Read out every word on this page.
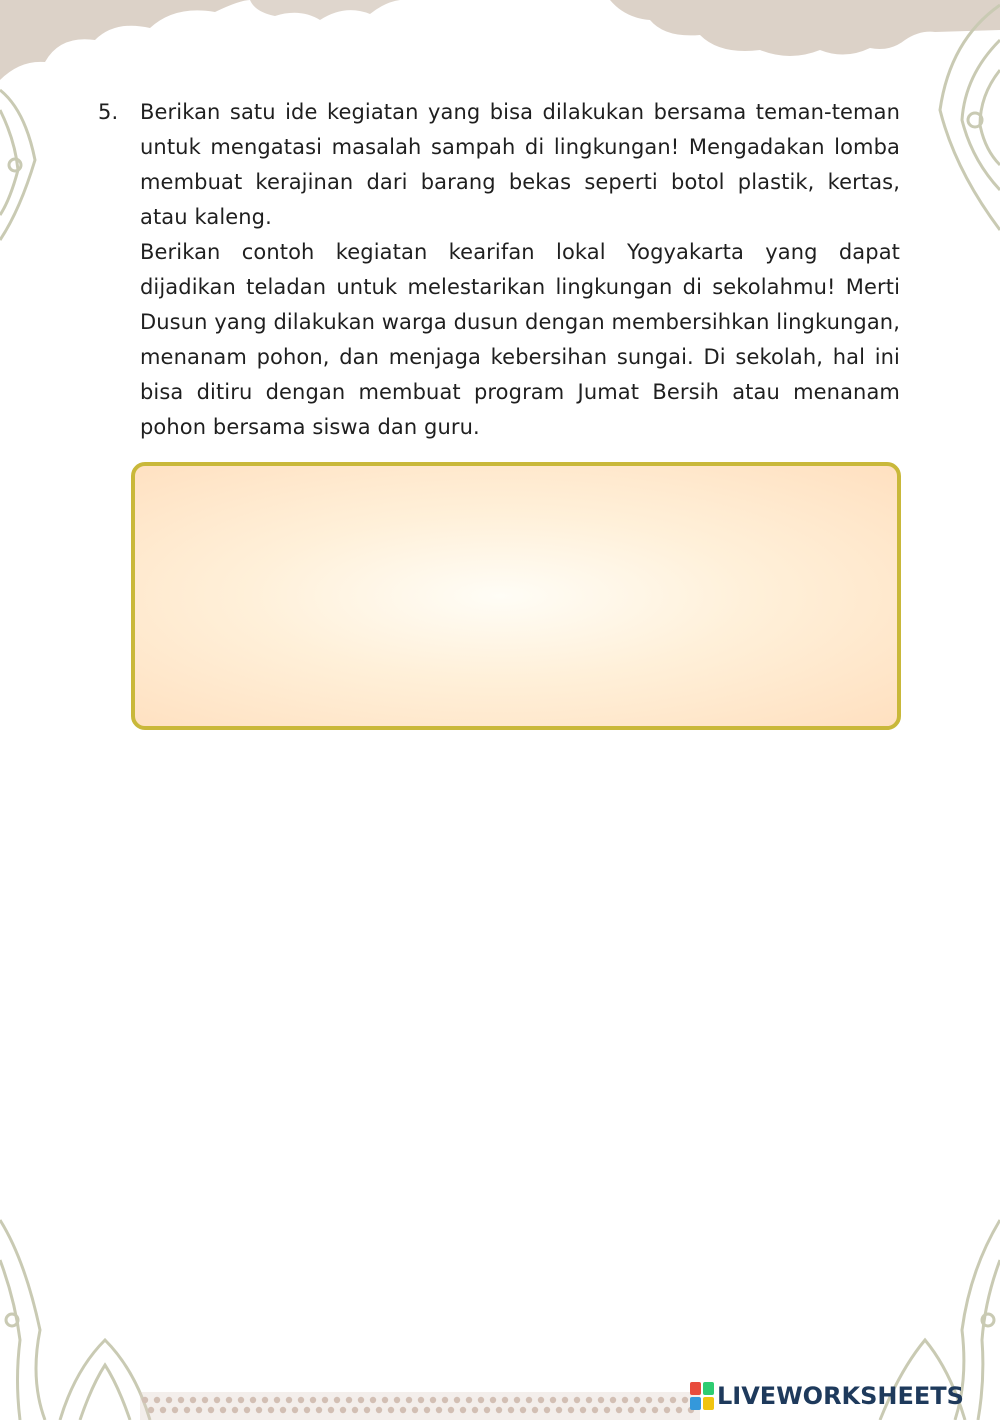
5. Berikan satu ide kegiatan yang bisa dilakukan bersama teman-teman untuk mengatasi masalah sampah di lingkungan! Mengadakan lomba membuat kerajinan dari barang bekas seperti botol plastik, kertas, atau kaleng.

Berikan contoh kegiatan kearifan lokal Yogyakarta yang dapat dijadikan teladan untuk melestarikan lingkungan di sekolahmu! Merti Dusun yang dilakukan warga dusun dengan membersihkan lingkungan, menanam pohon, dan menjaga kebersihan sungai. Di sekolah, hal ini bisa ditiru dengan membuat program Jumat Bersih atau menanam pohon bersama siswa dan guru.

LIVEWORKSHEETS
